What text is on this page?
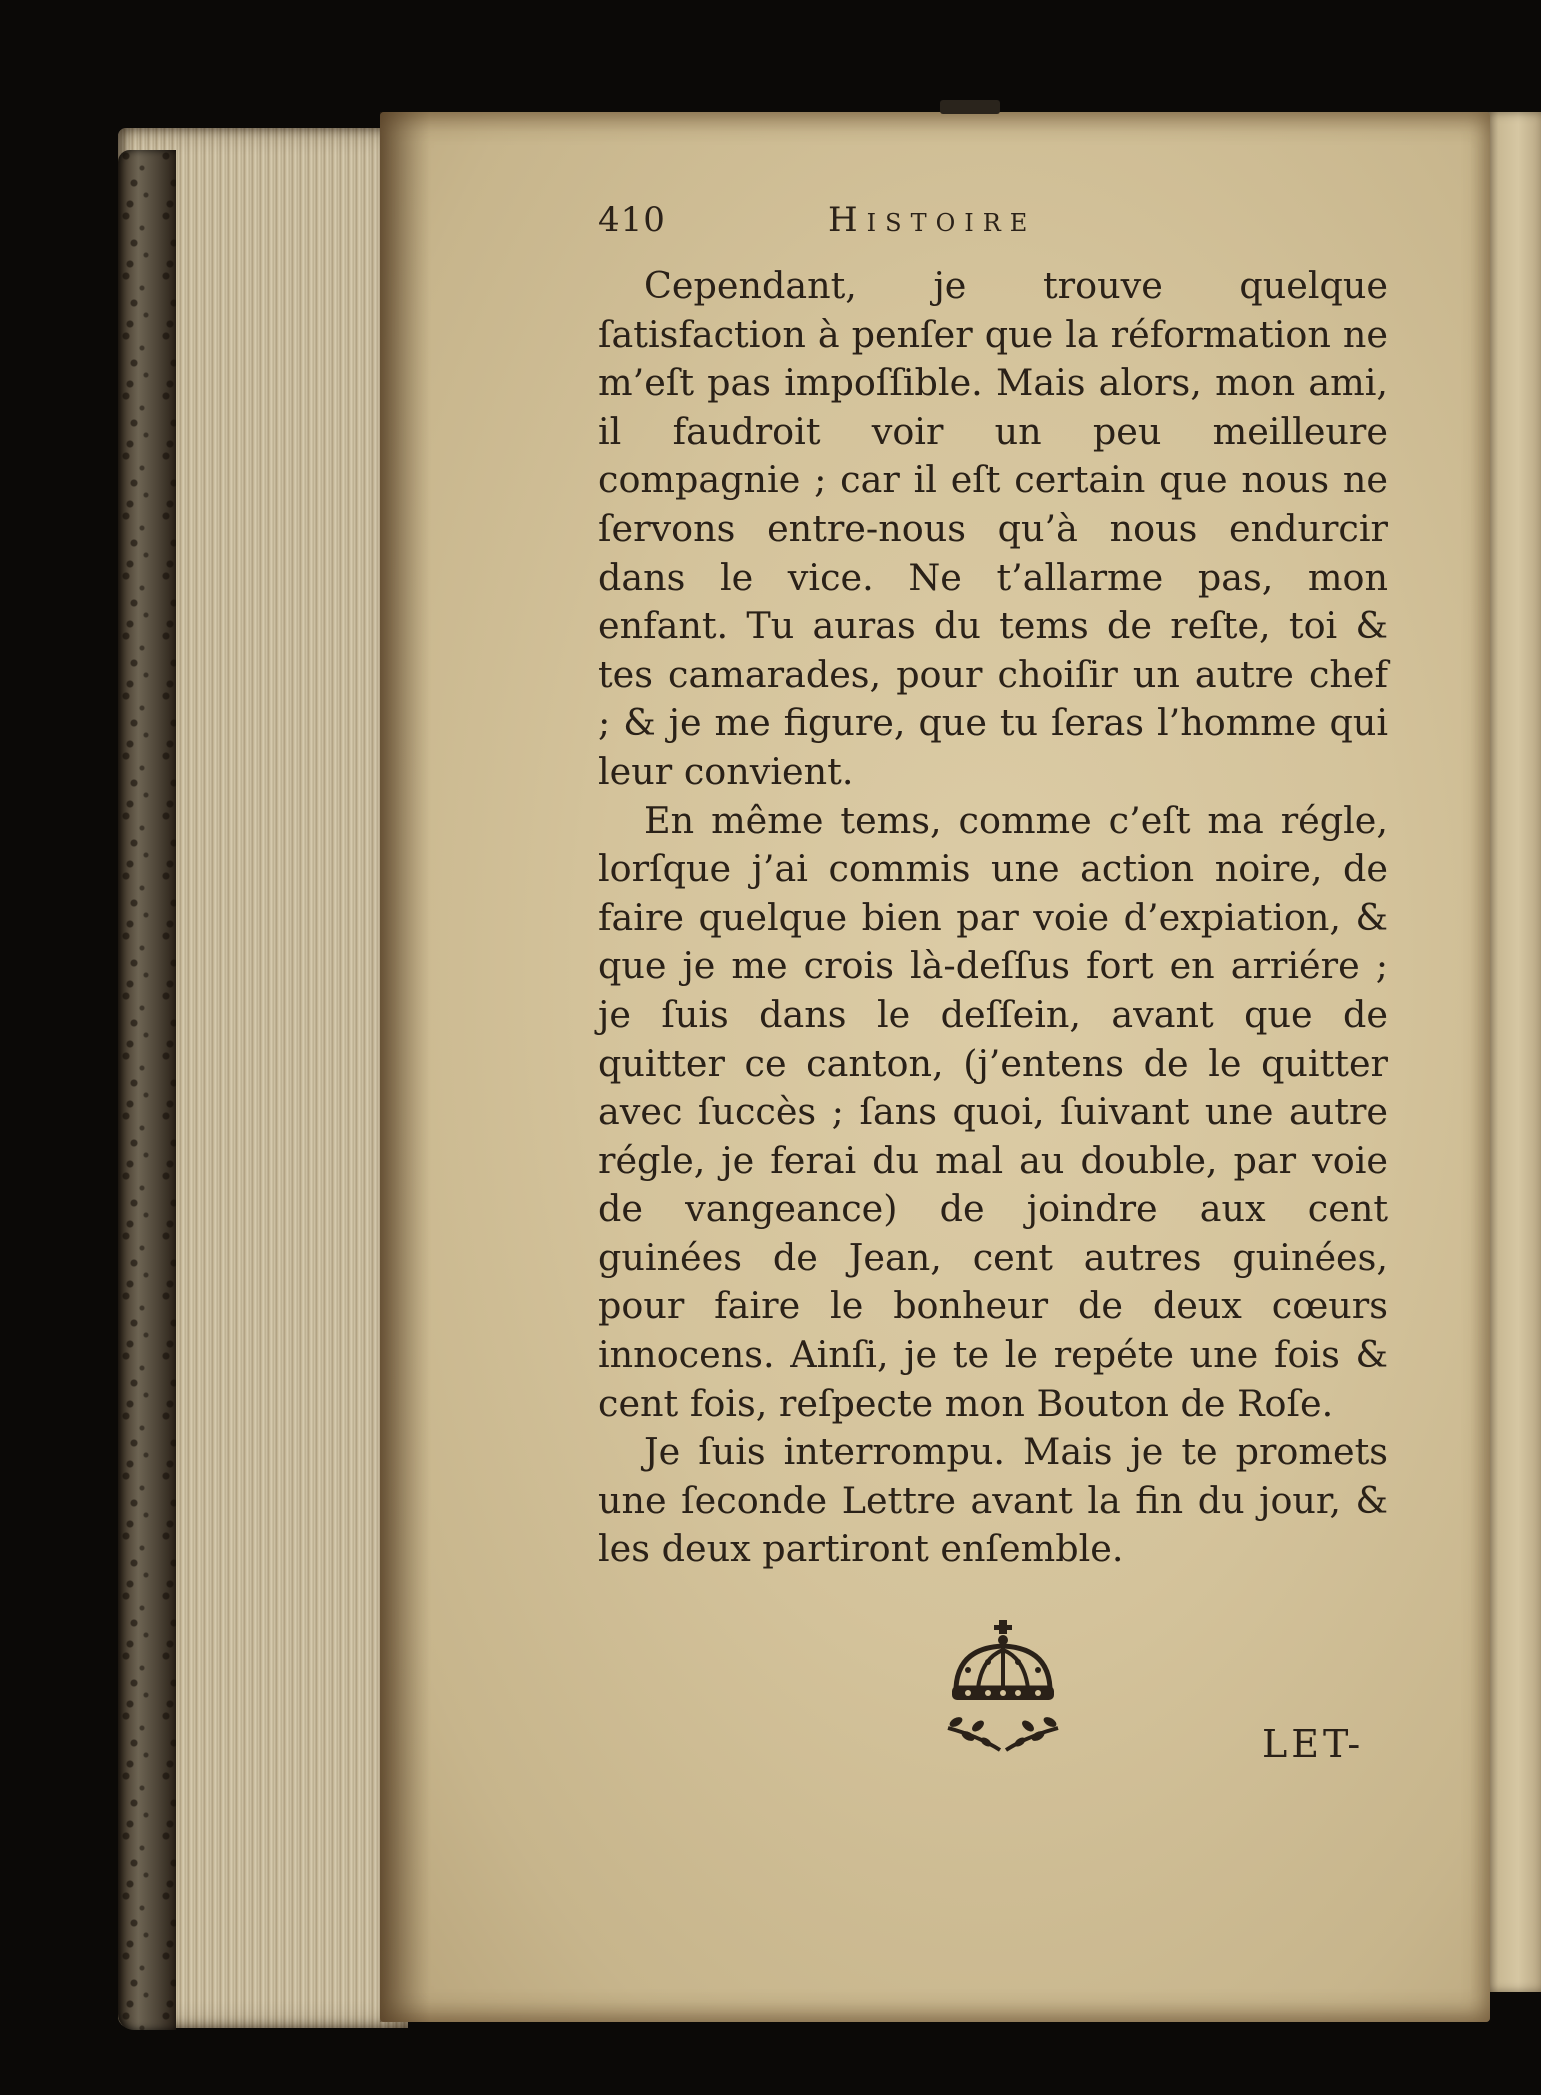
410	Histoire

Cependant, je trouve quelque ſatisfaction à penſer que la réformation ne m’eſt pas impoſſible. Mais alors, mon ami, il faudroit voir un peu meilleure compagnie ; car il eſt certain que nous ne ſervons entre-nous qu’à nous endurcir dans le vice. Ne t’allarme pas, mon enfant. Tu auras du tems de reſte, toi & tes camarades, pour choiſir un autre chef ; & je me figure, que tu ſeras l’homme qui leur convient.

En même tems, comme c’eſt ma régle, lorſque j’ai commis une action noire, de faire quelque bien par voie d’expiation, & que je me crois là-deſſus fort en arriére ; je ſuis dans le deſſein, avant que de quitter ce canton, (j’entens de le quitter avec ſuccès ; ſans quoi, ſuivant une autre régle, je ferai du mal au double, par voie de vangeance) de joindre aux cent guinées de Jean, cent autres guinées, pour faire le bonheur de deux cœurs innocens. Ainſi, je te le repéte une fois & cent fois, reſpecte mon Bouton de Roſe.

Je ſuis interrompu. Mais je te promets une ſeconde Lettre avant la fin du jour, & les deux partiront enſemble.

LET-
